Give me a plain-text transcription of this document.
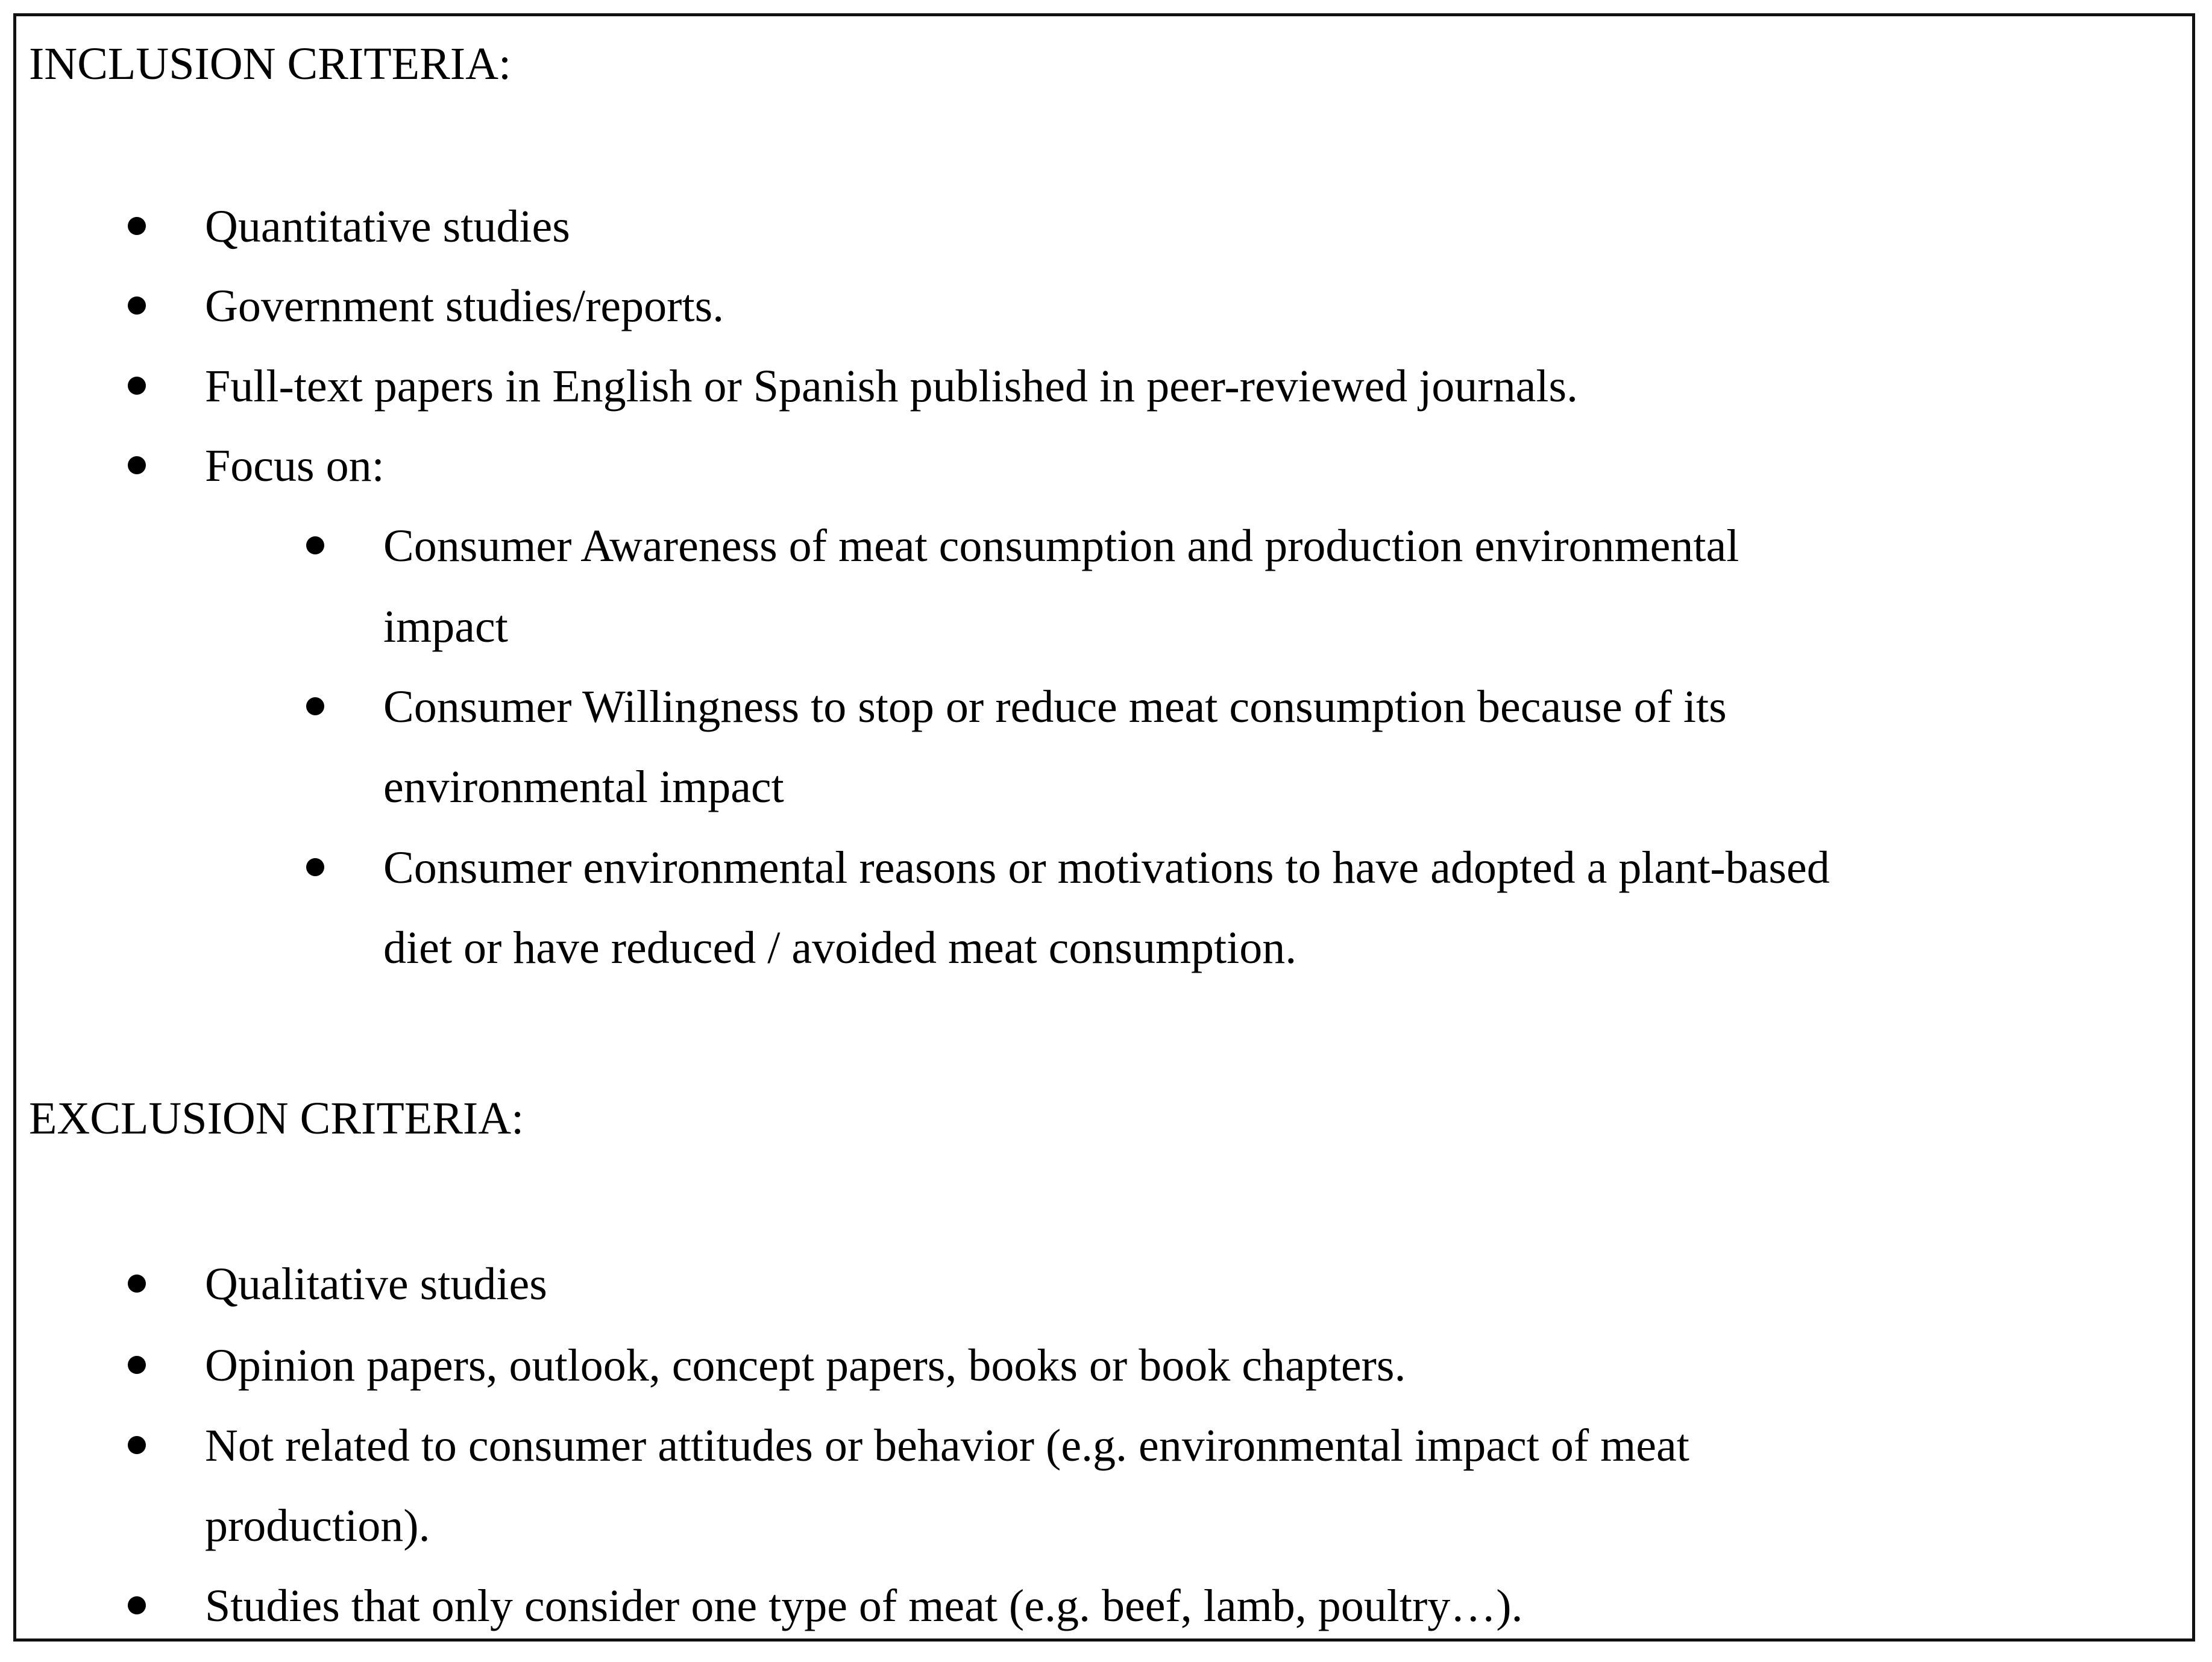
INCLUSION CRITERIA:
Quantitative studies
Government studies/reports.
Full-text papers in English or Spanish published in peer-reviewed journals.
Focus on:
Consumer Awareness of meat consumption and production environmental
impact
Consumer Willingness to stop or reduce meat consumption because of its
environmental impact
Consumer environmental reasons or motivations to have adopted a plant-based
diet or have reduced / avoided meat consumption.
EXCLUSION CRITERIA:
Qualitative studies
Opinion papers, outlook, concept papers, books or book chapters.
Not related to consumer attitudes or behavior (e.g. environmental impact of meat
production).
Studies that only consider one type of meat (e.g. beef, lamb, poultry…).
